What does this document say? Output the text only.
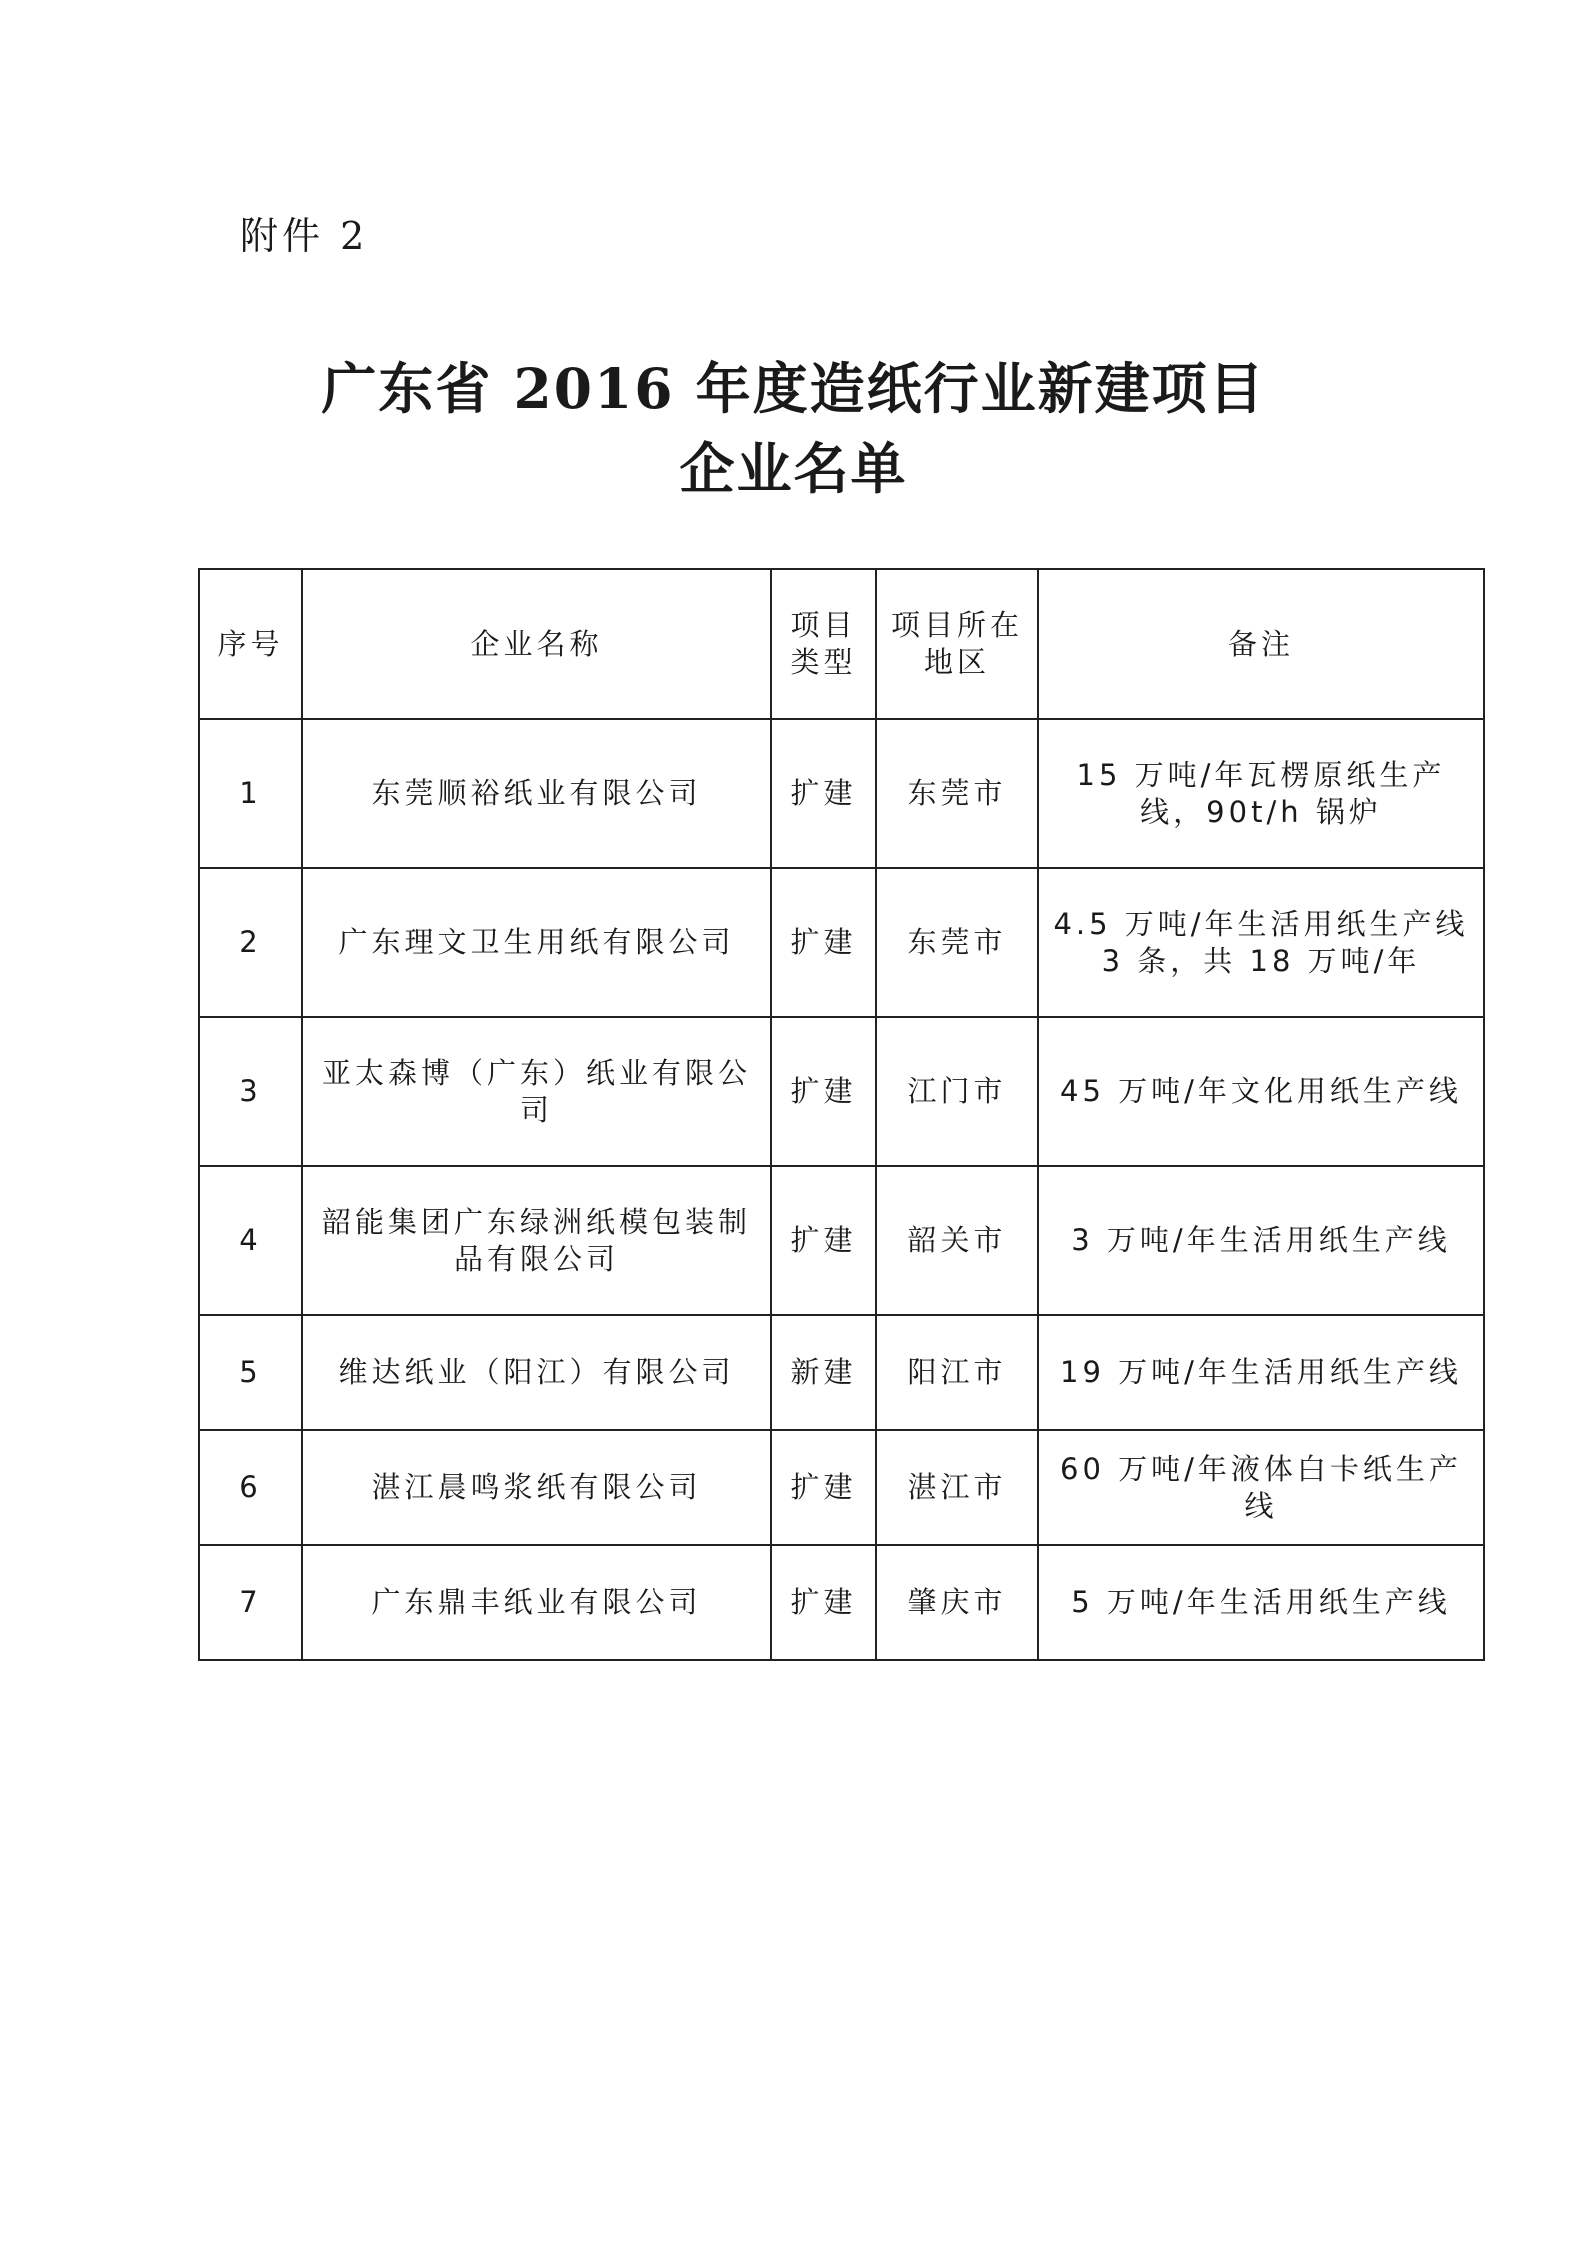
附件 2
广东省 2016 年度造纸行业新建项目
企业名单
序号	企业名称	项目类型	项目所在地区	备注
1	东莞顺裕纸业有限公司	扩建	东莞市	15 万吨/年瓦楞原纸生产线，90t/h 锅炉
2	广东理文卫生用纸有限公司	扩建	东莞市	4.5 万吨/年生活用纸生产线 3 条，共 18 万吨/年
3	亚太森博（广东）纸业有限公司	扩建	江门市	45 万吨/年文化用纸生产线
4	韶能集团广东绿洲纸模包装制品有限公司	扩建	韶关市	3 万吨/年生活用纸生产线
5	维达纸业（阳江）有限公司	新建	阳江市	19 万吨/年生活用纸生产线
6	湛江晨鸣浆纸有限公司	扩建	湛江市	60 万吨/年液体白卡纸生产线
7	广东鼎丰纸业有限公司	扩建	肇庆市	5 万吨/年生活用纸生产线
